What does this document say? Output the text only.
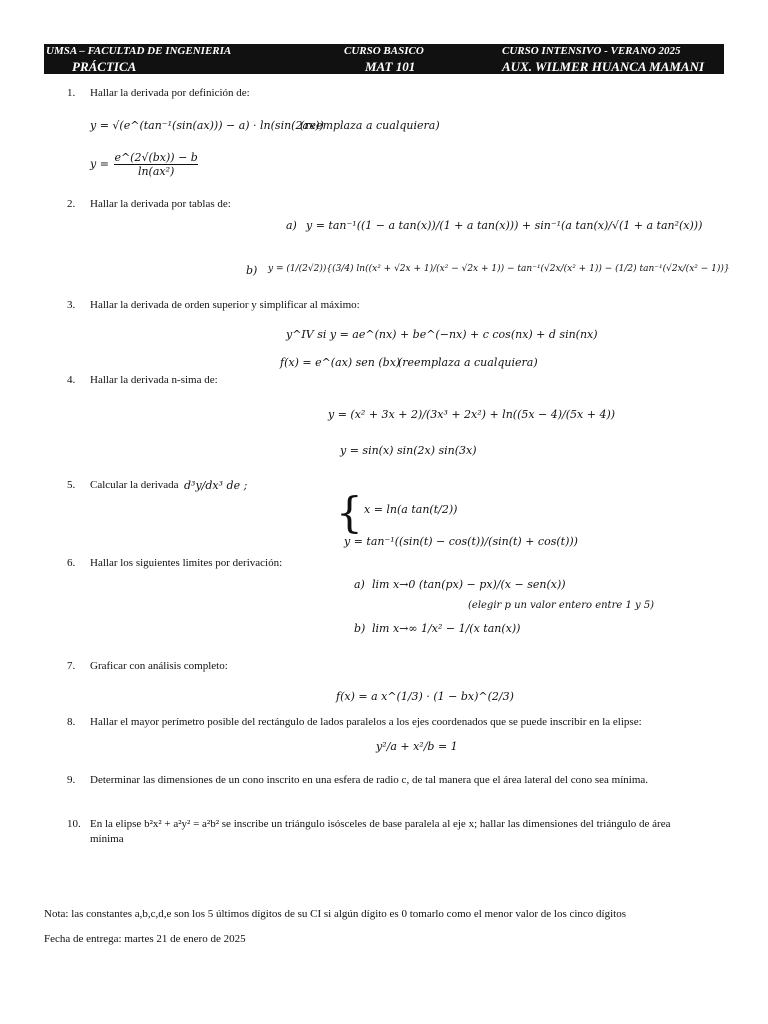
UMSA – FACULTAD DE INGENIERIA
PRÁCTICA
CURSO BASICO
MAT 101
CURSO INTENSIVO - VERANO 2025
AUX. WILMER HUANCA MAMANI
1. Hallar la derivada por definición de:
y = √(e^(tan⁻¹(sin(ax))) − a) · ln(sin(2ax))
(reemplaza a cualquiera)
$y = \frac{e\^{}(2√(bx)) - b}{\text{ln(ax²)}}$
2. Hallar la derivada por tablas de:
a) y = tan⁻¹((1 − a tan(x))/(1 + a tan(x))) + sin⁻¹(a tan(x)/√(1 + a tan²(x)))
b) y = (1/(2√2)){(3/4) ln((x² + √2x + 1)/(x² − √2x + 1)) − tan⁻¹(√2x/(x² + 1)) − (1/2) tan⁻¹(√2x/(x² − 1))}
3. Hallar la derivada de orden superior y simplificar al máximo:
y^IV si y = ae^(nx) + be^(−nx) + c cos(nx) + d sin(nx)
f(x) = e^(ax) sen (bx)
(reemplaza a cualquiera)
4. Hallar la derivada n-sima de:
y = (x² + 3x + 2)/(3x³ + 2x²) + ln((5x − 4)/(5x + 4))
y = sin(x) sin(2x) sin(3x)
5. Calcular la derivada d³y/dx³ de ;
{ x = ln(a tan(t/2))
y = tan⁻¹((sin(t) − cos(t))/(sin(t) + cos(t)))
6. Hallar los siguientes limites por derivación:
a) lim x→0 (tan(px) − px)/(x − sen(x))
(elegir p un valor entero entre 1 y 5)
b) lim x→∞ 1/x² − 1/(x tan(x))
7. Graficar con análisis completo:
f(x) = a x^(1/3) · (1 − bx)^(2/3)
8. Hallar el mayor perímetro posible del rectángulo de lados paralelos a los ejes coordenados que se puede inscribir en la elipse:
y²/a + x²/b = 1
9. Determinar las dimensiones de un cono inscrito en una esfera de radio c, de tal manera que el área lateral del cono sea mínima.
10. En la elipse b²x² + a²y² = a²b² se inscribe un triángulo isósceles de base paralela al eje x; hallar las dimensiones del triángulo de área
mínima
Nota: las constantes a,b,c,d,e son los 5 últimos dígitos de su CI si algún dígito es 0 tomarlo como el menor valor de los cinco dígitos
Fecha de entrega: martes 21 de enero de 2025
